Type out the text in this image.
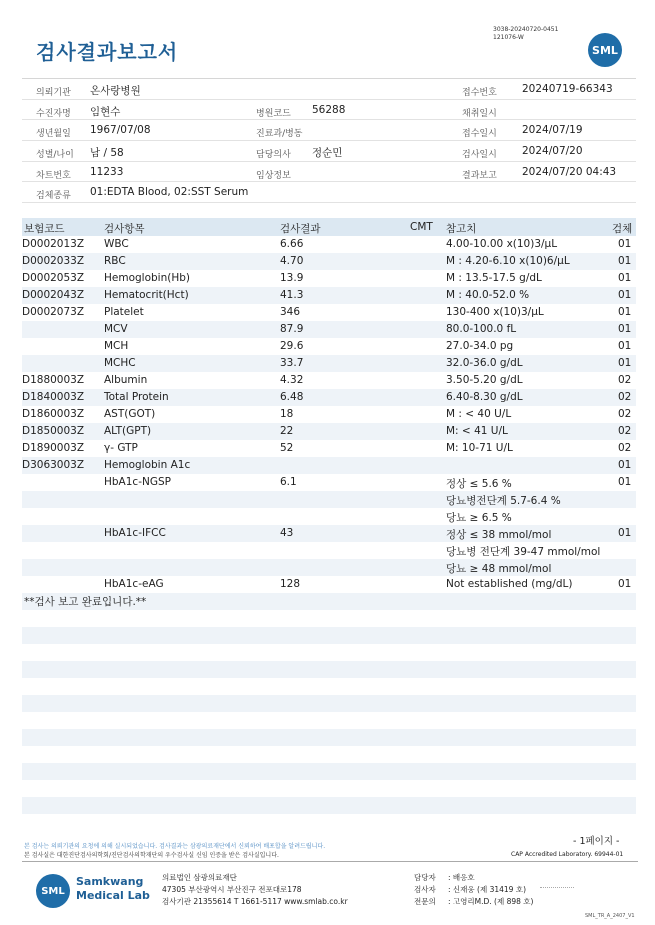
검사결과보고서
3038-20240720-0451
121076-W
SML
의뢰기관 온사랑병원	접수번호 20240719-66343
수진자명 임현수	병원코드 56288	채취일시
생년월일 1967/07/08	진료과/병동	접수일시 2024/07/19
성별/나이 남 / 58	담당의사 정순민	검사일시 2024/07/20
차트번호 11233	임상정보	결과보고 2024/07/20 04:43
검체종류 01:EDTA Blood, 02:SST Serum
보험코드	검사항목	검사결과	CMT 참고치	검체
D0002013Z WBC	6.66	4.00-10.00 x(10)3/μL	01
D0002033Z RBC	4.70	M : 4.20-6.10 x(10)6/μL	01
D0002053Z Hemoglobin(Hb)	13.9	M : 13.5-17.5 g/dL	01
D0002043Z Hematocrit(Hct)	41.3	M : 40.0-52.0 %	01
D0002073Z Platelet	346	130-400 x(10)3/μL	01
MCV	87.9	80.0-100.0 fL	01
MCH	29.6	27.0-34.0 pg	01
MCHC	33.7	32.0-36.0 g/dL	01
D1880003Z Albumin	4.32	3.50-5.20 g/dL	02
D1840003Z Total Protein	6.48	6.40-8.30 g/dL	02
D1860003Z AST(GOT)	18	M : < 40 U/L	02
D1850003Z ALT(GPT)	22	M: < 41 U/L	02
D1890003Z γ- GTP	52	M: 10-71 U/L	02
D3063003Z Hemoglobin A1c	01
HbA1c-NGSP	6.1	정상 ≤ 5.6 %	01
당뇨병전단계 5.7-6.4 %
당뇨 ≥ 6.5 %
HbA1c-IFCC	43	정상 ≤ 38 mmol/mol	01
당뇨병 전단계 39-47 mmol/mol
당뇨 ≥ 48 mmol/mol
HbA1c-eAG	128	Not established (mg/dL)	01
**검사 보고 완료입니다.**
- 1페이지 -
본 검사는 의뢰기관의 요청에 의해 실시되었습니다. 검사결과는 삼광의료재단에서 신뢰하여 배포합을 알려드립니다.
본 검사실은 대한진단검사의학회/진단검사의학재단의 우수검사실 신임 인증을 받은 검사실입니다.	CAP Accredited Laboratory. 69944-01
SML
Samkwang
Medical Lab
의료법인 삼광의료재단
47305 부산광역시 부산진구 전포대로178
검사기관 21355614 T 1661-5117 www.smlab.co.kr
담당자 : 배응호
검사자 : 신재웅 (제 31419 호)
전문의 : 고영리M.D. (제 898 호)
SML_TR_A_2407_V1
